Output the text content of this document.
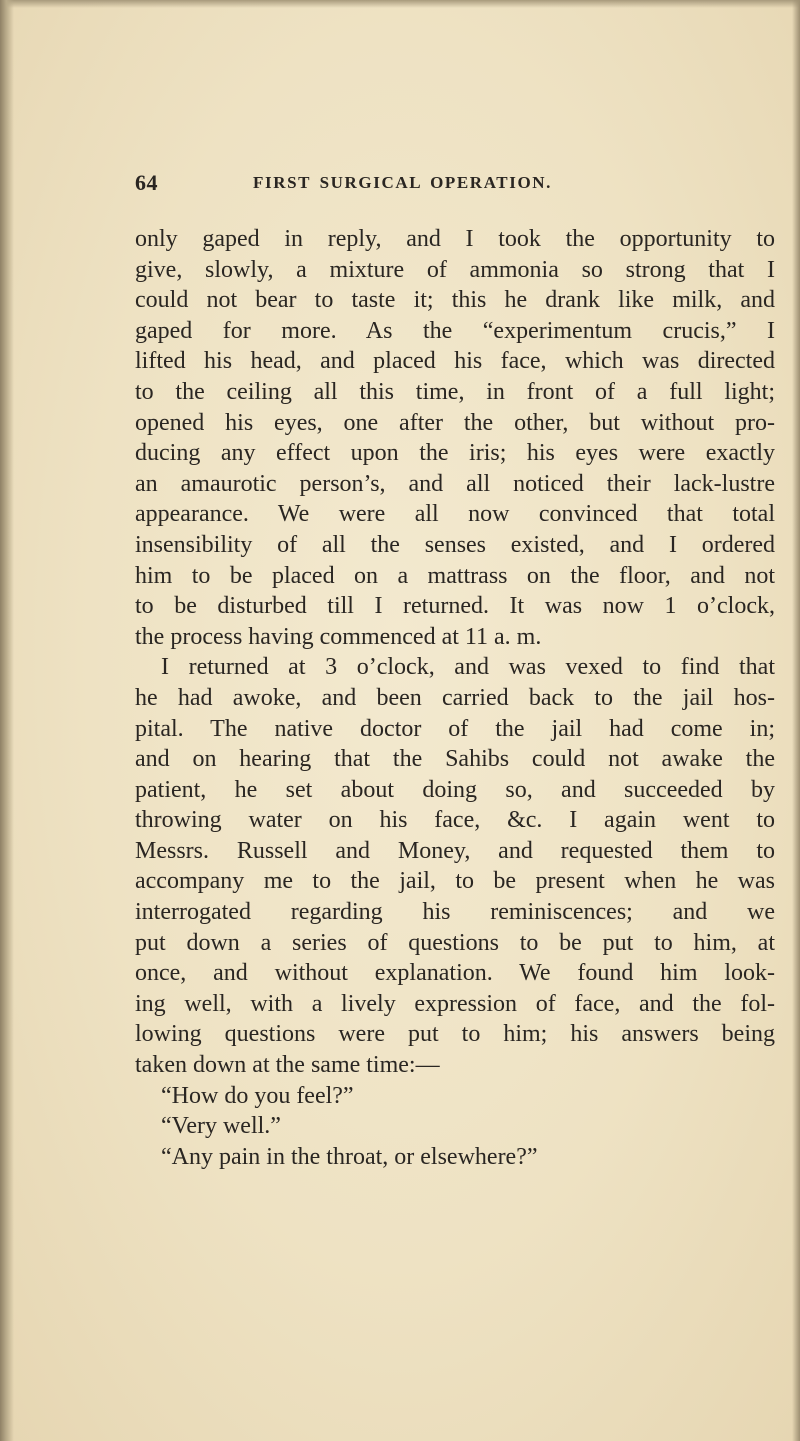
64	FIRST SURGICAL OPERATION.
only gaped in reply, and I took the opportunity to
give, slowly, a mixture of ammonia so strong that I
could not bear to taste it; this he drank like milk, and
gaped for more. As the “experimentum crucis,” I
lifted his head, and placed his face, which was directed
to the ceiling all this time, in front of a full light;
opened his eyes, one after the other, but without pro-
ducing any effect upon the iris; his eyes were exactly
an amaurotic person’s, and all noticed their lack-lustre
appearance. We were all now convinced that total
insensibility of all the senses existed, and I ordered
him to be placed on a mattrass on the floor, and not
to be disturbed till I returned. It was now 1 o’clock,
the process having commenced at 11 a. m.
I returned at 3 o’clock, and was vexed to find that
he had awoke, and been carried back to the jail hos-
pital. The native doctor of the jail had come in;
and on hearing that the Sahibs could not awake the
patient, he set about doing so, and succeeded by
throwing water on his face, &c. I again went to
Messrs. Russell and Money, and requested them to
accompany me to the jail, to be present when he was
interrogated regarding his reminiscences; and we
put down a series of questions to be put to him, at
once, and without explanation. We found him look-
ing well, with a lively expression of face, and the fol-
lowing questions were put to him; his answers being
taken down at the same time:—
“How do you feel?”
“Very well.”
“Any pain in the throat, or elsewhere?”
